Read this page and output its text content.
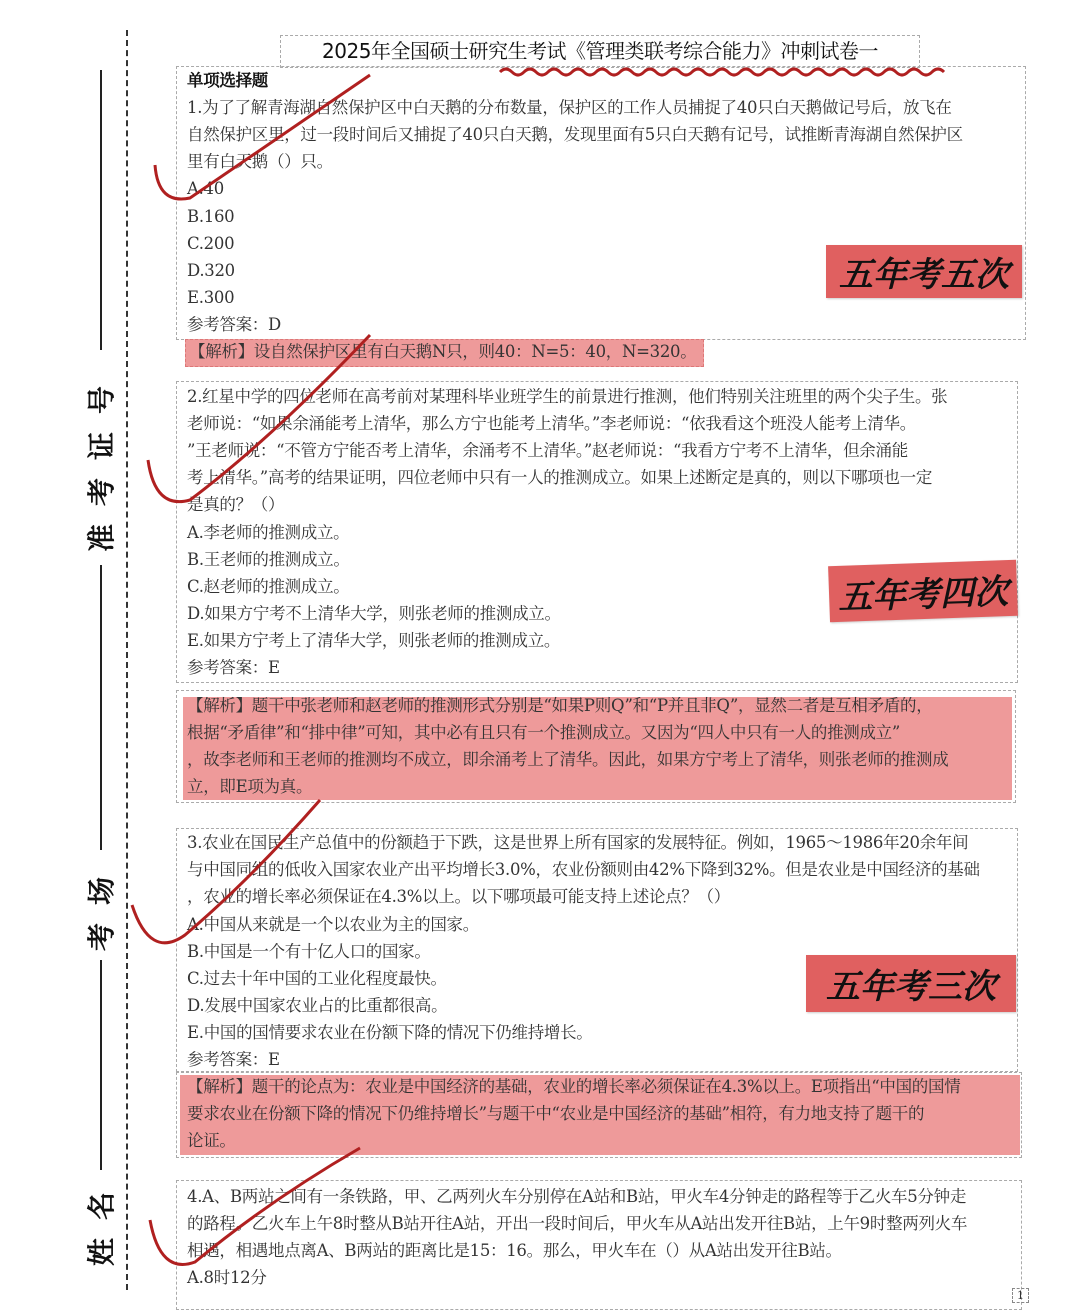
准考证号
考场
姓名
2025年全国硕士研究生考试《管理类联考综合能力》冲刺试卷一
单项选择题
1.为了了解青海湖自然保护区中白天鹅的分布数量，保护区的工作人员捕捉了40只白天鹅做记号后，放飞在
自然保护区里，过一段时间后又捕捉了40只白天鹅，发现里面有5只白天鹅有记号，试推断青海湖自然保护区
里有白天鹅（）只。
A.40
B.160
C.200
D.320
E.300
参考答案：D
【解析】设自然保护区里有白天鹅N只，则40：N=5：40，N=320。
五年考五次
2.红星中学的四位老师在高考前对某理科毕业班学生的前景进行推测，他们特别关注班里的两个尖子生。张
老师说：“如果余涌能考上清华，那么方宁也能考上清华。”李老师说：“依我看这个班没人能考上清华。
”王老师说：“不管方宁能否考上清华，余涌考不上清华。”赵老师说：“我看方宁考不上清华，但余涌能
考上清华。”高考的结果证明，四位老师中只有一人的推测成立。如果上述断定是真的，则以下哪项也一定
是真的？（）
A.李老师的推测成立。
B.王老师的推测成立。
C.赵老师的推测成立。
D.如果方宁考不上清华大学，则张老师的推测成立。
E.如果方宁考上了清华大学，则张老师的推测成立。
参考答案：E
【解析】题干中张老师和赵老师的推测形式分别是“如果P则Q”和“P并且非Q”，显然二者是互相矛盾的，
根据“矛盾律”和“排中律”可知，其中必有且只有一个推测成立。又因为“四人中只有一人的推测成立”
，故李老师和王老师的推测均不成立，即余涌考上了清华。因此，如果方宁考上了清华，则张老师的推测成
立，即E项为真。
五年考四次
3.农业在国民生产总值中的份额趋于下跌，这是世界上所有国家的发展特征。例如，1965～1986年20余年间
与中国同组的低收入国家农业产出平均增长3.0%，农业份额则由42%下降到32%。但是农业是中国经济的基础
，农业的增长率必须保证在4.3%以上。以下哪项最可能支持上述论点？（）
A.中国从来就是一个以农业为主的国家。
B.中国是一个有十亿人口的国家。
C.过去十年中国的工业化程度最快。
D.发展中国家农业占的比重都很高。
E.中国的国情要求农业在份额下降的情况下仍维持增长。
参考答案：E
【解析】题干的论点为：农业是中国经济的基础，农业的增长率必须保证在4.3%以上。E项指出“中国的国情
要求农业在份额下降的情况下仍维持增长”与题干中“农业是中国经济的基础”相符，有力地支持了题干的
论证。
五年考三次
4.A、B两站之间有一条铁路，甲、乙两列火车分别停在A站和B站，甲火车4分钟走的路程等于乙火车5分钟走
的路程。乙火车上午8时整从B站开往A站，开出一段时间后，甲火车从A站出发开往B站，上午9时整两列火车
相遇，相遇地点离A、B两站的距离比是15：16。那么，甲火车在（）从A站出发开往B站。
A.8时12分
1
